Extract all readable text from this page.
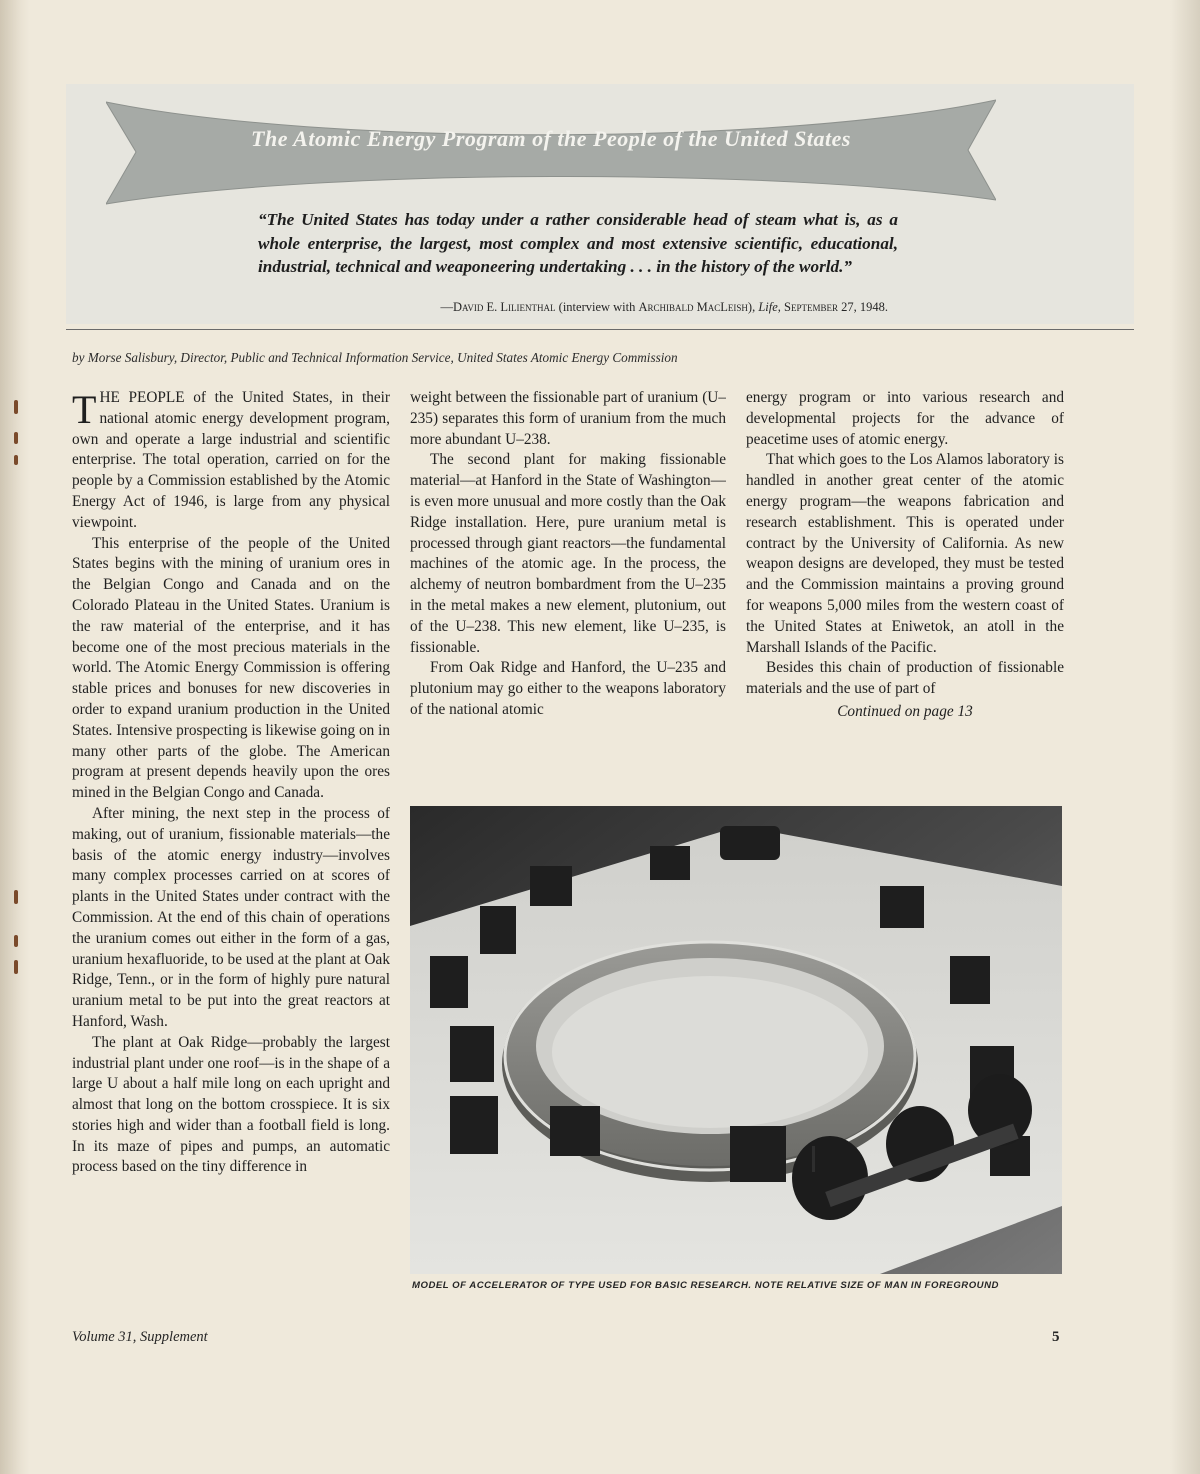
The Atomic Energy Program of the People of the United States

“The United States has today under a rather considerable head of steam what is, as a whole enterprise, the largest, most complex and most extensive scientific, educational, industrial, technical and weaponeering undertaking . . . in the history of the world.”

—David E. Lilienthal (interview with Archibald MacLeish), Life, September 27, 1948.
by Morse Salisbury, Director, Public and Technical Information Service, United States Atomic Energy Commission

THE PEOPLE of the United States, in their national atomic energy development program, own and operate a large industrial and scientific enterprise. The total operation, carried on for the people by a Commission established by the Atomic Energy Act of 1946, is large from any physical viewpoint.

This enterprise of the people of the United States begins with the mining of uranium ores in the Belgian Congo and Canada and on the Colorado Plateau in the United States. Uranium is the raw material of the enterprise, and it has become one of the most precious materials in the world. The Atomic Energy Commission is offering stable prices and bonuses for new discoveries in order to expand uranium production in the United States. Intensive prospecting is likewise going on in many other parts of the globe. The American program at present depends heavily upon the ores mined in the Belgian Congo and Canada.

After mining, the next step in the process of making, out of uranium, fissionable materials—the basis of the atomic energy industry—involves many complex processes carried on at scores of plants in the United States under contract with the Commission. At the end of this chain of operations the uranium comes out either in the form of a gas, uranium hexafluoride, to be used at the plant at Oak Ridge, Tenn., or in the form of highly pure natural uranium metal to be put into the great reactors at Hanford, Wash.

The plant at Oak Ridge—probably the largest industrial plant under one roof—is in the shape of a large U about a half mile long on each upright and almost that long on the bottom crosspiece. It is six stories high and wider than a football field is long. In its maze of pipes and pumps, an automatic process based on the tiny difference in

weight between the fissionable part of uranium (U–235) separates this form of uranium from the much more abundant U–238.

The second plant for making fissionable material—at Hanford in the State of Washington—is even more unusual and more costly than the Oak Ridge installation. Here, pure uranium metal is processed through giant reactors—the fundamental machines of the atomic age. In the process, the alchemy of neutron bombardment from the U–235 in the metal makes a new element, plutonium, out of the U–238. This new element, like U–235, is fissionable.

From Oak Ridge and Hanford, the U–235 and plutonium may go either to the weapons laboratory of the national atomic

energy program or into various research and developmental projects for the advance of peacetime uses of atomic energy.

That which goes to the Los Alamos laboratory is handled in another great center of the atomic energy program—the weapons fabrication and research establishment. This is operated under contract by the University of California. As new weapon designs are developed, they must be tested and the Commission maintains a proving ground for weapons 5,000 miles from the western coast of the United States at Eniwetok, an atoll in the Marshall Islands of the Pacific.

Besides this chain of production of fissionable materials and the use of part of

Continued on page 13
MODEL OF ACCELERATOR OF TYPE USED FOR BASIC RESEARCH. NOTE RELATIVE SIZE OF MAN IN FOREGROUND
Volume 31, Supplement	5
